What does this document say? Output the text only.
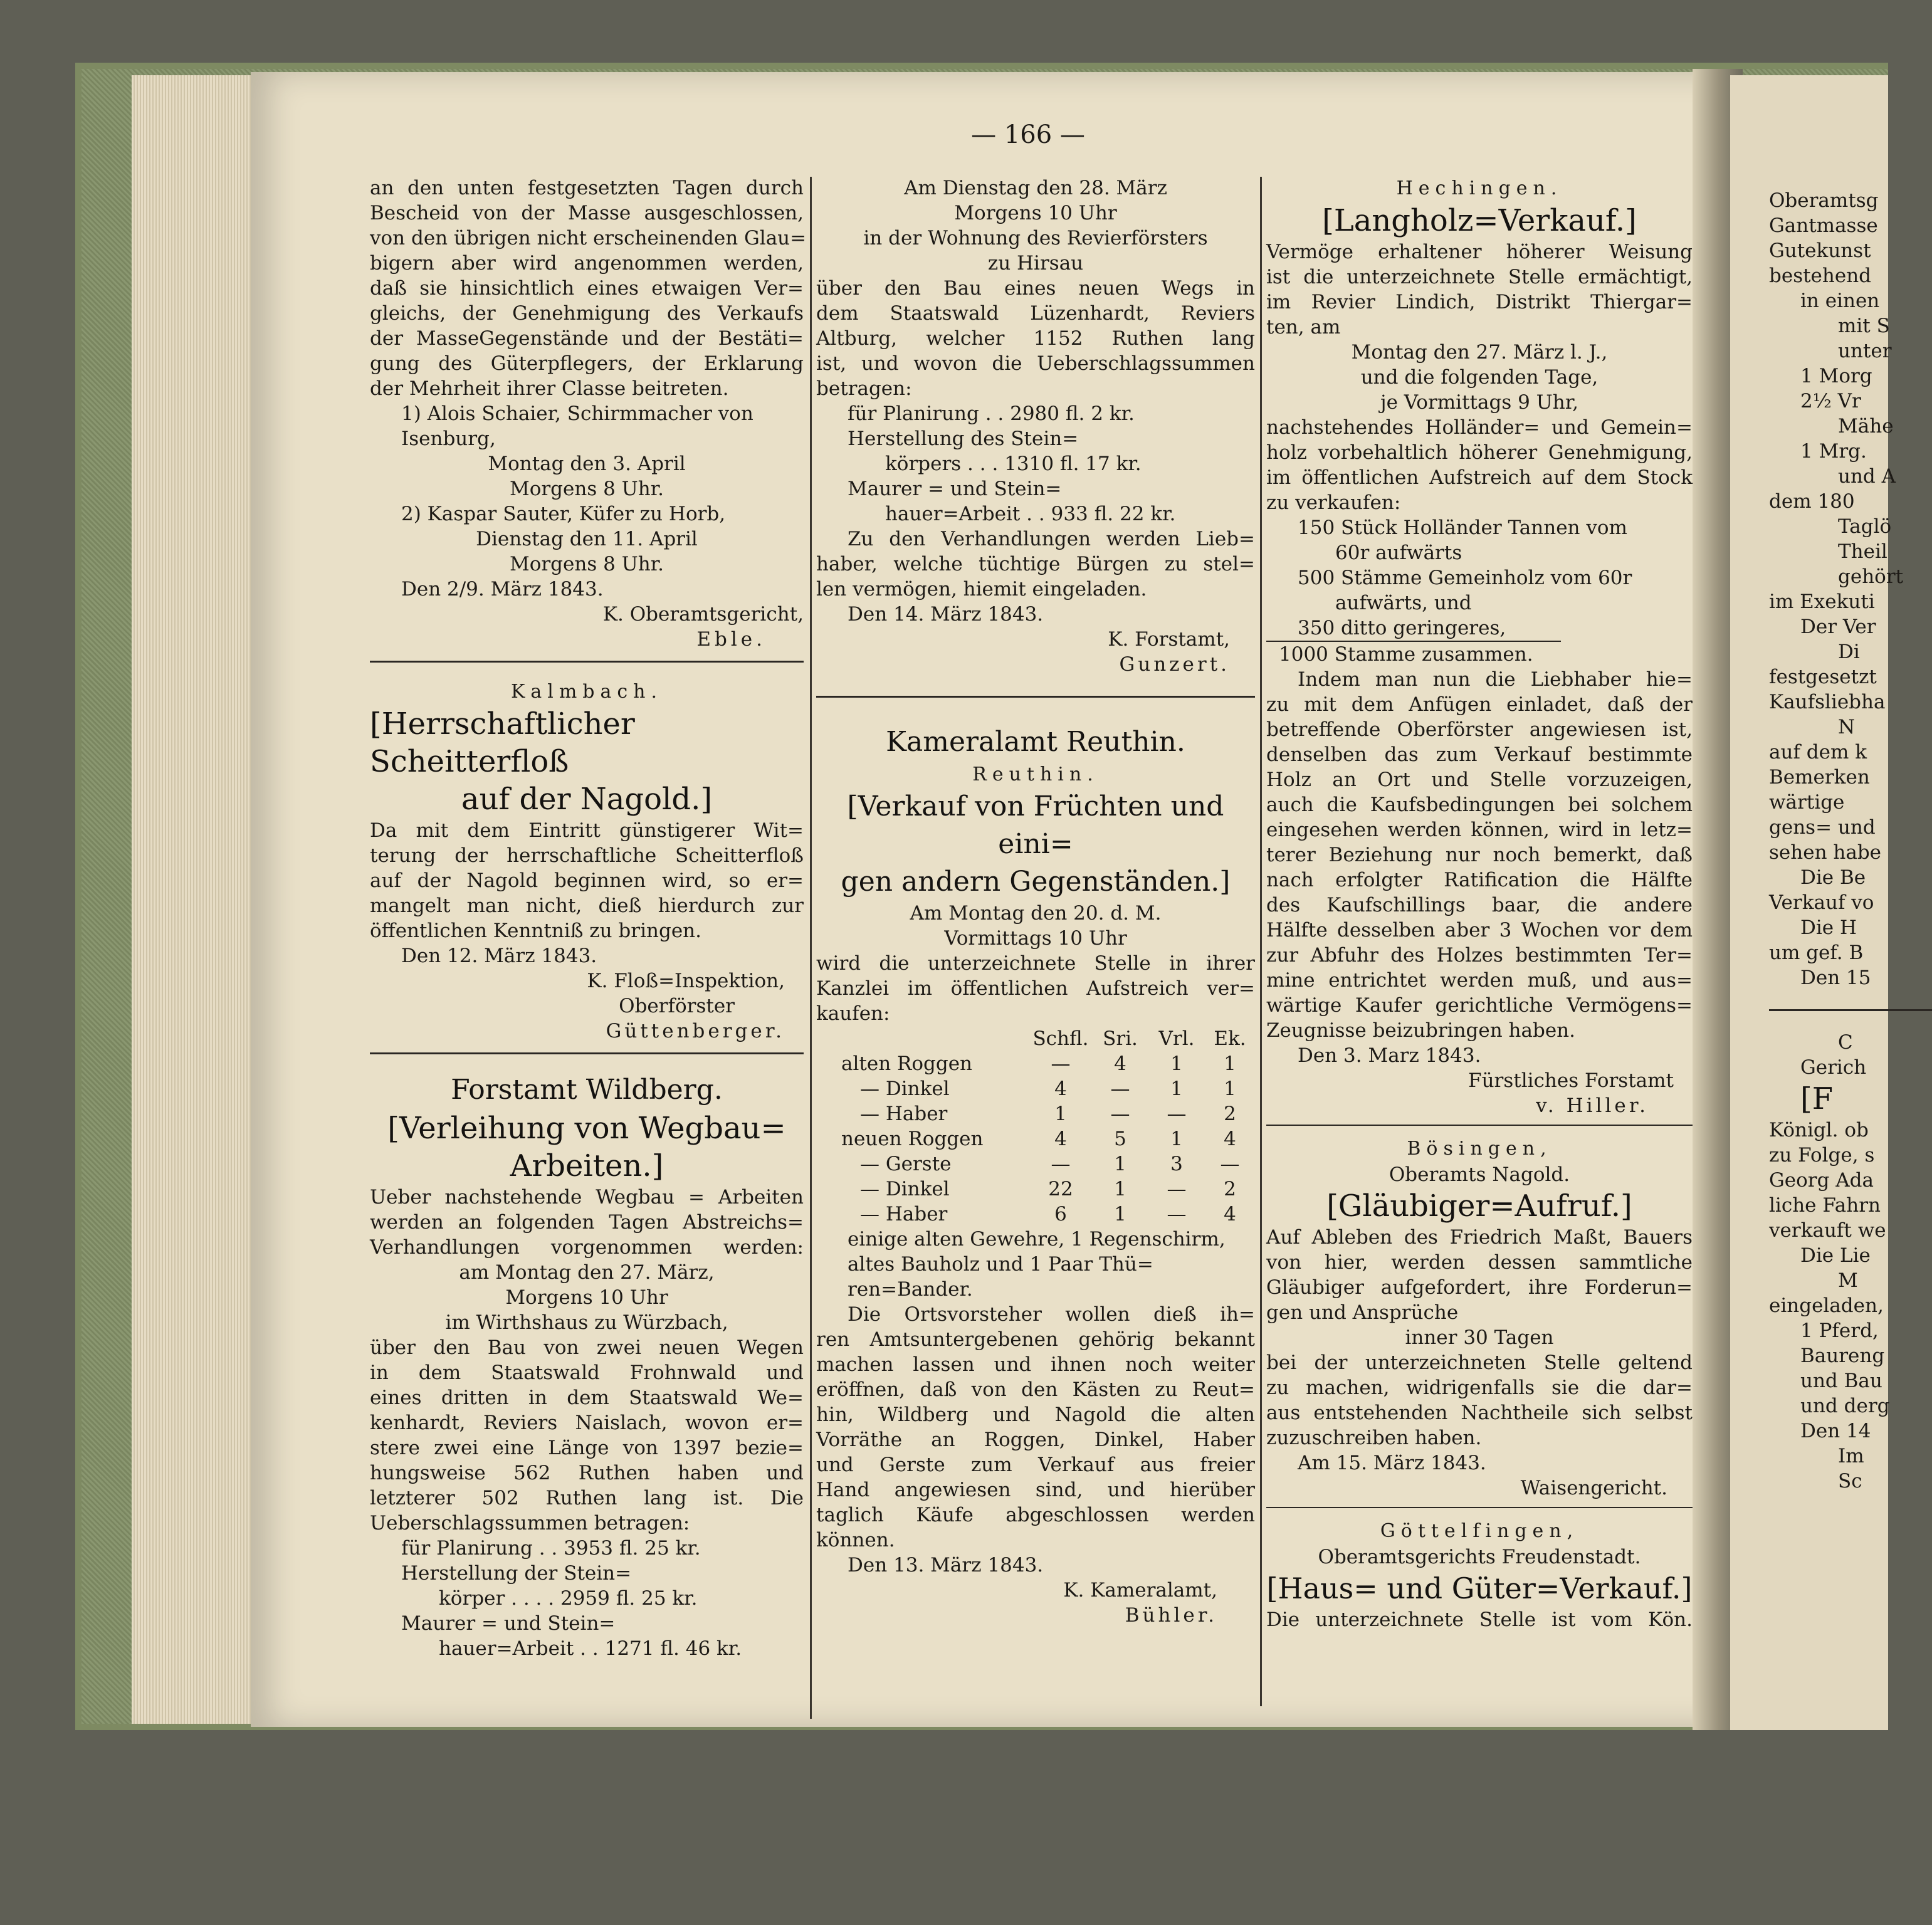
— 166 —
an den unten festgesetzten Tagen durch
Bescheid von der Masse ausgeschlossen,
von den übrigen nicht erscheinenden Glau=
bigern aber wird angenommen werden,
daß sie hinsichtlich eines etwaigen Ver=
gleichs, der Genehmigung des Verkaufs
der MasseGegenstände und der Bestäti=
gung des Güterpflegers, der Erklarung
der Mehrheit ihrer Classe beitreten.
1) Alois Schaier, Schirmmacher von
Isenburg,
Montag den 3. April
Morgens 8 Uhr.
2) Kaspar Sauter, Küfer zu Horb,
Dienstag den 11. April
Morgens 8 Uhr.
Den 2/9. März 1843.
K. Oberamtsgericht,
Eble.
Kalmbach.
[Herrschaftlicher Scheitterfloß
auf der Nagold.]
Da mit dem Eintritt günstigerer Wit=
terung der herrschaftliche Scheitterfloß
auf der Nagold beginnen wird, so er=
mangelt man nicht, dieß hierdurch zur
öffentlichen Kenntniß zu bringen.
Den 12. März 1843.
K. Floß=Inspektion,
Oberförster
Güttenberger.
Forstamt Wildberg.
[Verleihung von Wegbau=
Arbeiten.]
Ueber nachstehende Wegbau = Arbeiten
werden an folgenden Tagen Abstreichs=
Verhandlungen vorgenommen werden:
am Montag den 27. März,
Morgens 10 Uhr
im Wirthshaus zu Würzbach,
über den Bau von zwei neuen Wegen
in dem Staatswald Frohnwald und
eines dritten in dem Staatswald We=
kenhardt, Reviers Naislach, wovon er=
stere zwei eine Länge von 1397 bezie=
hungsweise 562 Ruthen haben und
letzterer 502 Ruthen lang ist. Die
Ueberschlagssummen betragen:
für Planirung . . 3953 fl. 25 kr.
Herstellung der Stein=
körper . . . . 2959 fl. 25 kr.
Maurer = und Stein=
hauer=Arbeit . . 1271 fl. 46 kr.
Am Dienstag den 28. März
Morgens 10 Uhr
in der Wohnung des Revierförsters
zu Hirsau
über den Bau eines neuen Wegs in
dem Staatswald Lüzenhardt, Reviers
Altburg, welcher 1152 Ruthen lang
ist, und wovon die Ueberschlagssummen
betragen:
für Planirung . . 2980 fl. 2 kr.
Herstellung des Stein=
körpers . . . 1310 fl. 17 kr.
Maurer = und Stein=
hauer=Arbeit . . 933 fl. 22 kr.
Zu den Verhandlungen werden Lieb=
haber, welche tüchtige Bürgen zu stel=
len vermögen, hiemit eingeladen.
Den 14. März 1843.
K. Forstamt,
Gunzert.
Kameralamt Reuthin.
Reuthin.
[Verkauf von Früchten und eini=
gen andern Gegenständen.]
Am Montag den 20. d. M.
Vormittags 10 Uhr
wird die unterzeichnete Stelle in ihrer
Kanzlei im öffentlichen Aufstreich ver=
kaufen:
	Schfl.	Sri.	Vrl.	Ek.
alten Roggen	—	4	1	1
— Dinkel	4	—	1	1
— Haber	1	—	—	2
neuen Roggen	4	5	1	4
— Gerste	—	1	3	—
— Dinkel	22	1	—	2
— Haber	6	1	—	4
einige alten Gewehre, 1 Regenschirm,
altes Bauholz und 1 Paar Thü=
ren=Bander.
Die Ortsvorsteher wollen dieß ih=
ren Amtsuntergebenen gehörig bekannt
machen lassen und ihnen noch weiter
eröffnen, daß von den Kästen zu Reut=
hin, Wildberg und Nagold die alten
Vorräthe an Roggen, Dinkel, Haber
und Gerste zum Verkauf aus freier
Hand angewiesen sind, und hierüber
taglich Käufe abgeschlossen werden
können.
Den 13. März 1843.
K. Kameralamt,
Bühler.
Hechingen.
[Langholz=Verkauf.]
Vermöge erhaltener höherer Weisung
ist die unterzeichnete Stelle ermächtigt,
im Revier Lindich, Distrikt Thiergar=
ten, am
Montag den 27. März l. J.,
und die folgenden Tage,
je Vormittags 9 Uhr,
nachstehendes Holländer= und Gemein=
holz vorbehaltlich höherer Genehmigung,
im öffentlichen Aufstreich auf dem Stock
zu verkaufen:
150 Stück Holländer Tannen vom
60r aufwärts
500 Stämme Gemeinholz vom 60r
aufwärts, und
350 ditto geringeres,
1000 Stamme zusammen.
Indem man nun die Liebhaber hie=
zu mit dem Anfügen einladet, daß der
betreffende Oberförster angewiesen ist,
denselben das zum Verkauf bestimmte
Holz an Ort und Stelle vorzuzeigen,
auch die Kaufsbedingungen bei solchem
eingesehen werden können, wird in letz=
terer Beziehung nur noch bemerkt, daß
nach erfolgter Ratification die Hälfte
des Kaufschillings baar, die andere
Hälfte desselben aber 3 Wochen vor dem
zur Abfuhr des Holzes bestimmten Ter=
mine entrichtet werden muß, und aus=
wärtige Kaufer gerichtliche Vermögens=
Zeugnisse beizubringen haben.
Den 3. Marz 1843.
Fürstliches Forstamt
v. Hiller.
Bösingen,
Oberamts Nagold.
[Gläubiger=Aufruf.]
Auf Ableben des Friedrich Maßt, Bauers
von hier, werden dessen sammtliche
Gläubiger aufgefordert, ihre Forderun=
gen und Ansprüche
inner 30 Tagen
bei der unterzeichneten Stelle geltend
zu machen, widrigenfalls sie die dar=
aus entstehenden Nachtheile sich selbst
zuzuschreiben haben.
Am 15. März 1843.
Waisengericht.
Göttelfingen,
Oberamtsgerichts Freudenstadt.
[Haus= und Güter=Verkauf.]
Die unterzeichnete Stelle ist vom Kön.
Oberamtsg
Gantmasse
Gutekunst
bestehend
in einen
mit S
unter
1 Morg
2½ Vr
Mähe
1 Mrg.
und A
dem 180
Taglö
Theil
gehört
im Exekuti
Der Ver
Di
festgesetzt
Kaufsliebha
N
auf dem k
Bemerken
wärtige
gens= und
sehen habe
Die Be
Verkauf vo
Die H
um gef. B
Den 15
C
Gerich
[F
Königl. ob
zu Folge, s
Georg Ada
liche Fahrn
verkauft we
Die Lie
M
eingeladen,
1 Pferd,
Baureng
und Bau
und derg
Den 14
Im
Sc
